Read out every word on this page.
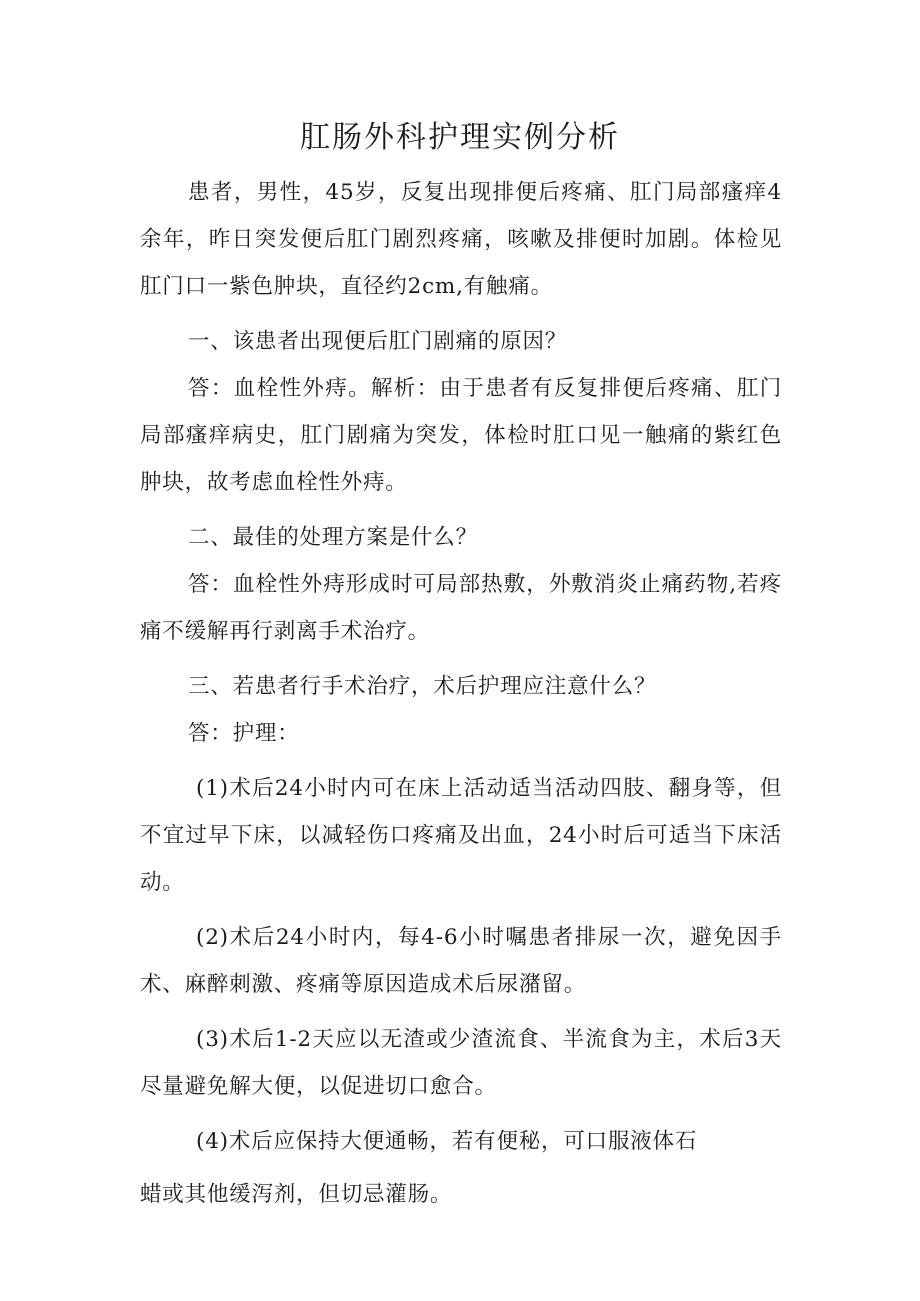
肛肠外科护理实例分析

患者，男性，45岁，反复出现排便后疼痛、肛门局部瘙痒4余年，昨日突发便后肛门剧烈疼痛，咳嗽及排便时加剧。体检见肛门口一紫色肿块，直径约2cm,有触痛。

一、该患者出现便后肛门剧痛的原因？

答：血栓性外痔。解析：由于患者有反复排便后疼痛、肛门局部瘙痒病史，肛门剧痛为突发，体检时肛口见一触痛的紫红色肿块，故考虑血栓性外痔。

二、最佳的处理方案是什么？

答：血栓性外痔形成时可局部热敷，外敷消炎止痛药物,若疼痛不缓解再行剥离手术治疗。

三、若患者行手术治疗，术后护理应注意什么？

答：护理：

(1)术后24小时内可在床上活动适当活动四肢、翻身等，但不宜过早下床，以减轻伤口疼痛及出血，24小时后可适当下床活动。

(2)术后24小时内，每4-6小时嘱患者排尿一次，避免因手术、麻醉刺激、疼痛等原因造成术后尿潴留。

(3)术后1-2天应以无渣或少渣流食、半流食为主，术后3天尽量避免解大便，以促进切口愈合。

(4)术后应保持大便通畅，若有便秘，可口服液体石

蜡或其他缓泻剂，但切忌灌肠。
